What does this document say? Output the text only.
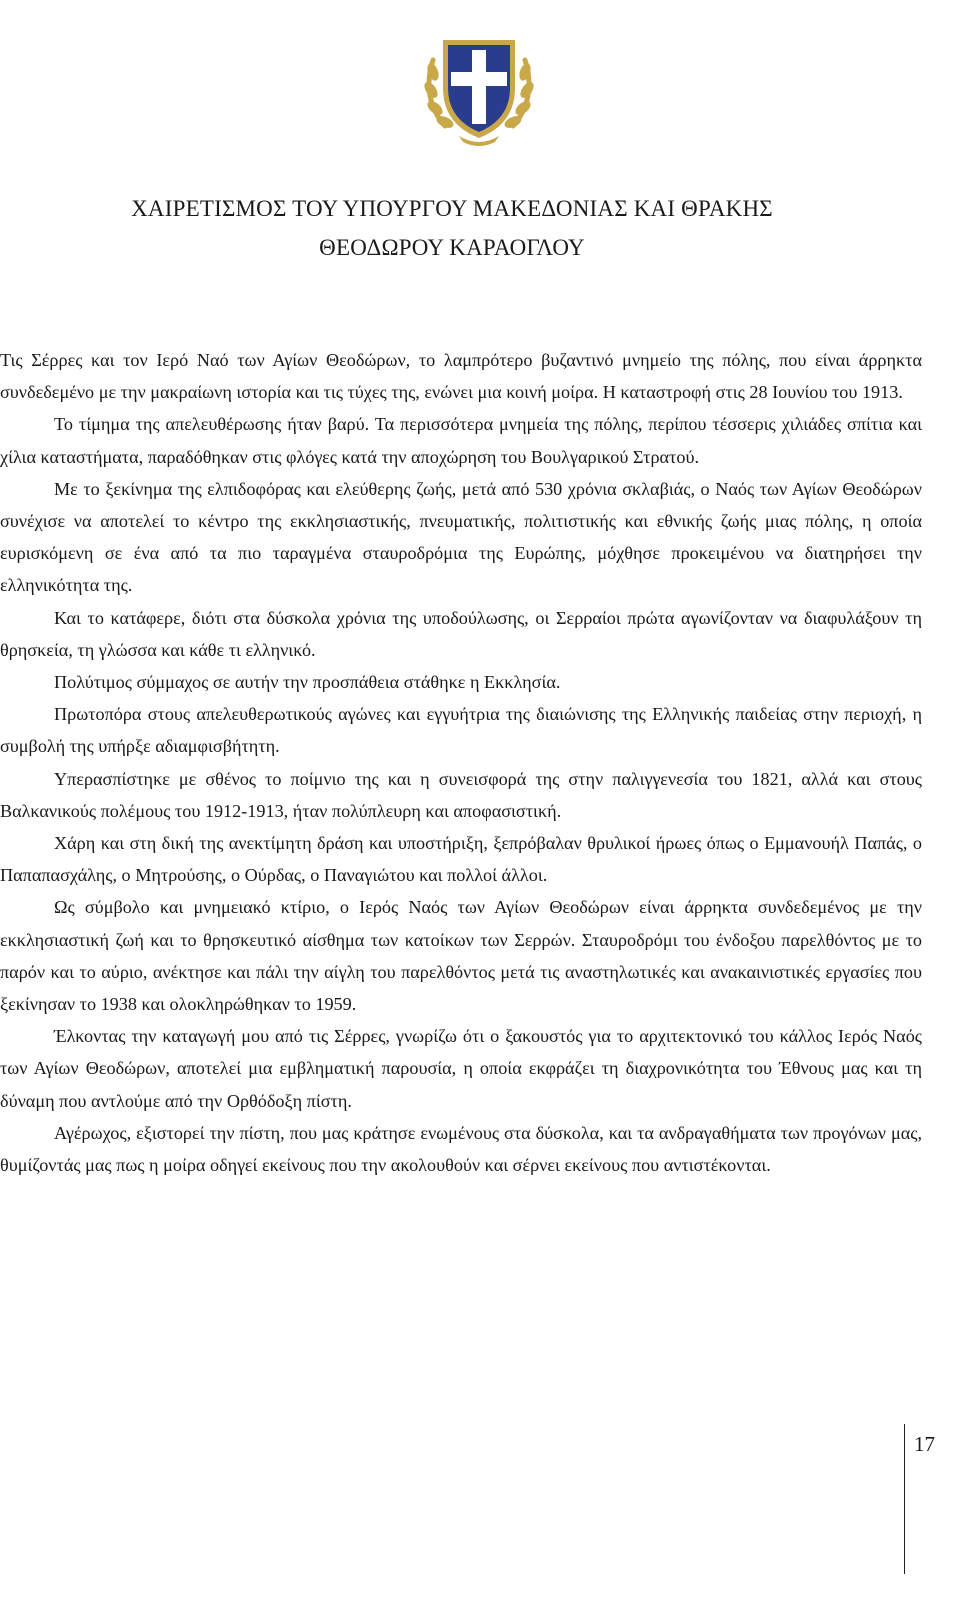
ΧΑΙΡΕΤΙΣΜΟΣ ΤΟΥ ΥΠΟΥΡΓΟΥ ΜΑΚΕΔΟΝΙΑΣ ΚΑΙ ΘΡΑΚΗΣ
ΘΕΟΔΩΡΟΥ ΚΑΡΑΟΓΛΟΥ

Τις Σέρρες και τον Ιερό Ναό των Αγίων Θεοδώρων, το λαμπρότερο βυζαντινό μνημείο της πόλης, που είναι άρρηκτα συνδεδεμένο με την μακραίωνη ιστορία και τις τύχες της, ενώνει μια κοινή μοίρα. Η καταστροφή στις 28 Ιουνίου του 1913.

Το τίμημα της απελευθέρωσης ήταν βαρύ. Τα περισσότερα μνημεία της πόλης, περίπου τέσσερις χιλιάδες σπίτια και χίλια καταστήματα, παραδόθηκαν στις φλόγες κατά την αποχώρηση του Βουλγαρικού Στρατού.

Με το ξεκίνημα της ελπιδοφόρας και ελεύθερης ζωής, μετά από 530 χρόνια σκλαβιάς, ο Ναός των Αγίων Θεοδώρων συνέχισε να αποτελεί το κέντρο της εκκλησιαστικής, πνευματικής, πολιτιστικής και εθνικής ζωής μιας πόλης, η οποία ευρισκόμενη σε ένα από τα πιο ταραγμένα σταυροδρόμια της Ευρώπης, μόχθησε προκειμένου να διατηρήσει την ελληνικότητα της.

Και το κατάφερε, διότι στα δύσκολα χρόνια της υποδούλωσης, οι Σερραίοι πρώτα αγωνίζονταν να διαφυλάξουν τη θρησκεία, τη γλώσσα και κάθε τι ελληνικό.

Πολύτιμος σύμμαχος σε αυτήν την προσπάθεια στάθηκε η Εκκλησία.

Πρωτοπόρα στους απελευθερωτικούς αγώνες και εγγυήτρια της διαιώνισης της Ελληνικής παιδείας στην περιοχή, η συμβολή της υπήρξε αδιαμφισβήτητη.

Υπερασπίστηκε με σθένος το ποίμνιο της και η συνεισφορά της στην παλιγγενεσία του 1821, αλλά και στους Βαλκανικούς πολέμους του 1912-1913, ήταν πολύπλευρη και αποφασιστική.

Χάρη και στη δική της ανεκτίμητη δράση και υποστήριξη, ξεπρόβαλαν θρυλικοί ήρωες όπως ο Εμμανουήλ Παπάς, ο Παπαπασχάλης, ο Μητρούσης, ο Ούρδας, ο Παναγιώτου και πολλοί άλλοι.

Ως σύμβολο και μνημειακό κτίριο, ο Ιερός Ναός των Αγίων Θεοδώρων είναι άρρηκτα συνδεδεμένος με την εκκλησιαστική ζωή και το θρησκευτικό αίσθημα των κατοίκων των Σερρών. Σταυροδρόμι του ένδοξου παρελθόντος με το παρόν και το αύριο, ανέκτησε και πάλι την αίγλη του παρελθόντος μετά τις αναστηλωτικές και ανακαινιστικές εργασίες που ξεκίνησαν το 1938 και ολοκληρώθηκαν το 1959.

Έλκοντας την καταγωγή μου από τις Σέρρες, γνωρίζω ότι ο ξακουστός για το αρχιτεκτονικό του κάλλος Ιερός Ναός των Αγίων Θεοδώρων, αποτελεί μια εμβληματική παρουσία, η οποία εκφράζει τη διαχρονικότητα του Έθνους μας και τη δύναμη που αντλούμε από την Ορθόδοξη πίστη.

Αγέρωχος, εξιστορεί την πίστη, που μας κράτησε ενωμένους στα δύσκολα, και τα ανδραγαθήματα των προγόνων μας, θυμίζοντάς μας πως η μοίρα οδηγεί εκείνους που την ακολουθούν και σέρνει εκείνους που αντιστέκονται.

17
